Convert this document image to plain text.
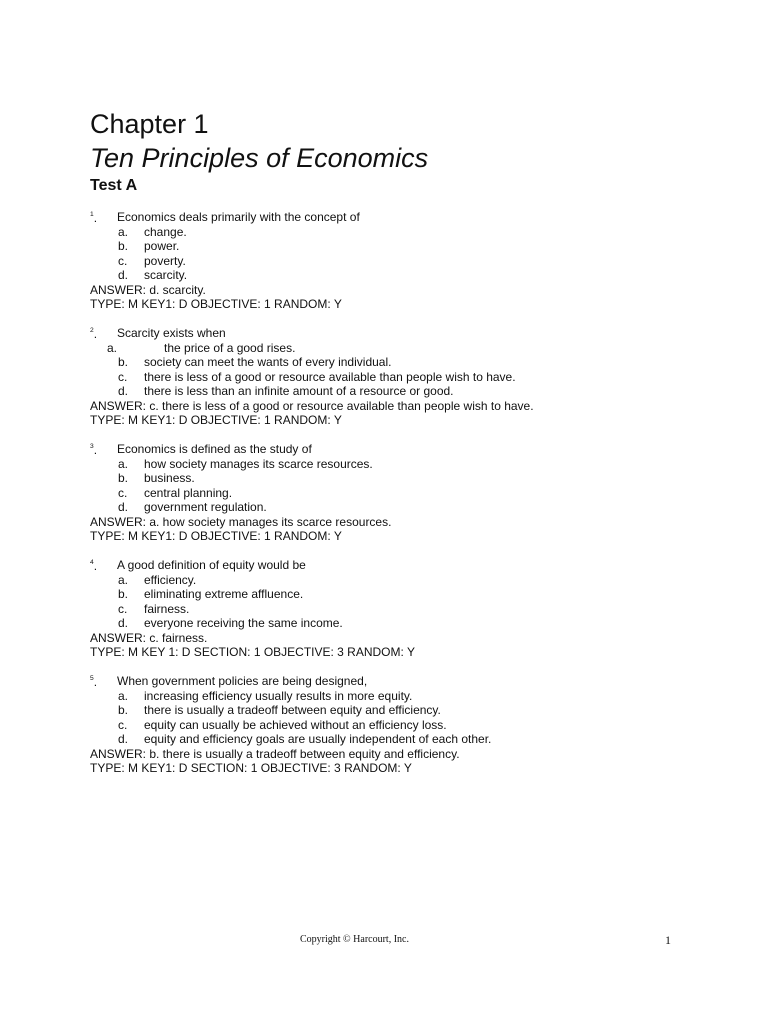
Chapter 1
Ten Principles of Economics
Test A
$^1$. Economics deals primarily with the concept of
a. change.
b. power.
c. poverty.
d. scarcity.
ANSWER: d. scarcity.
TYPE: M KEY1: D OBJECTIVE: 1 RANDOM: Y
$^2$. Scarcity exists when
a.	the price of a good rises.
b. society can meet the wants of every individual.
c. there is less of a good or resource available than people wish to have.
d. there is less than an infinite amount of a resource or good.
ANSWER: c. there is less of a good or resource available than people wish to have.
TYPE: M KEY1: D OBJECTIVE: 1 RANDOM: Y
$^3$. Economics is defined as the study of
a. how society manages its scarce resources.
b. business.
c. central planning.
d. government regulation.
ANSWER: a. how society manages its scarce resources.
TYPE: M KEY1: D OBJECTIVE: 1 RANDOM: Y
$^4$. A good definition of equity would be
a. efficiency.
b. eliminating extreme affluence.
c. fairness.
d. everyone receiving the same income.
ANSWER: c. fairness.
TYPE: M KEY 1: D SECTION: 1 OBJECTIVE: 3 RANDOM: Y
$^5$. When government policies are being designed,
a. increasing efficiency usually results in more equity.
b. there is usually a tradeoff between equity and efficiency.
c. equity can usually be achieved without an efficiency loss.
d. equity and efficiency goals are usually independent of each other.
ANSWER: b. there is usually a tradeoff between equity and efficiency.
TYPE: M KEY1: D SECTION: 1 OBJECTIVE: 3 RANDOM: Y
Copyright © Harcourt, Inc.	1
